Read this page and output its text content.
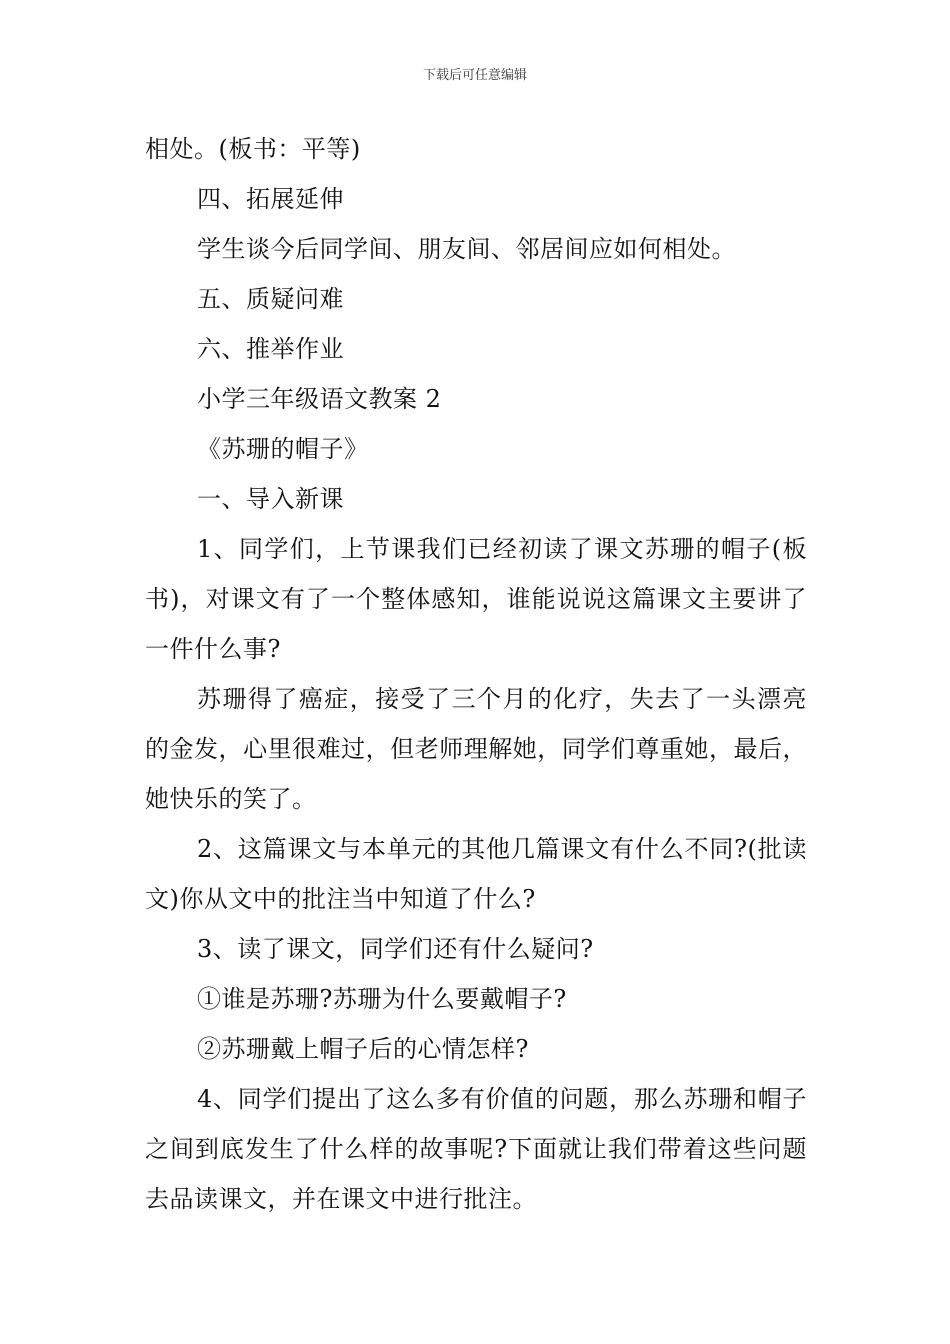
下载后可任意编辑

相处。(板书：平等)

四、拓展延伸

学生谈今后同学间、朋友间、邻居间应如何相处。

五、质疑问难

六、推举作业

小学三年级语文教案 2

《苏珊的帽子》

一、导入新课

1、同学们，上节课我们已经初读了课文苏珊的帽子(板书)，对课文有了一个整体感知，谁能说说这篇课文主要讲了一件什么事?

苏珊得了癌症，接受了三个月的化疗，失去了一头漂亮的金发，心里很难过，但老师理解她，同学们尊重她，最后，她快乐的笑了。

2、这篇课文与本单元的其他几篇课文有什么不同?(批读文)你从文中的批注当中知道了什么?

3、读了课文，同学们还有什么疑问?

①谁是苏珊?苏珊为什么要戴帽子?

②苏珊戴上帽子后的心情怎样?

4、同学们提出了这么多有价值的问题，那么苏珊和帽子之间到底发生了什么样的故事呢?下面就让我们带着这些问题去品读课文，并在课文中进行批注。
